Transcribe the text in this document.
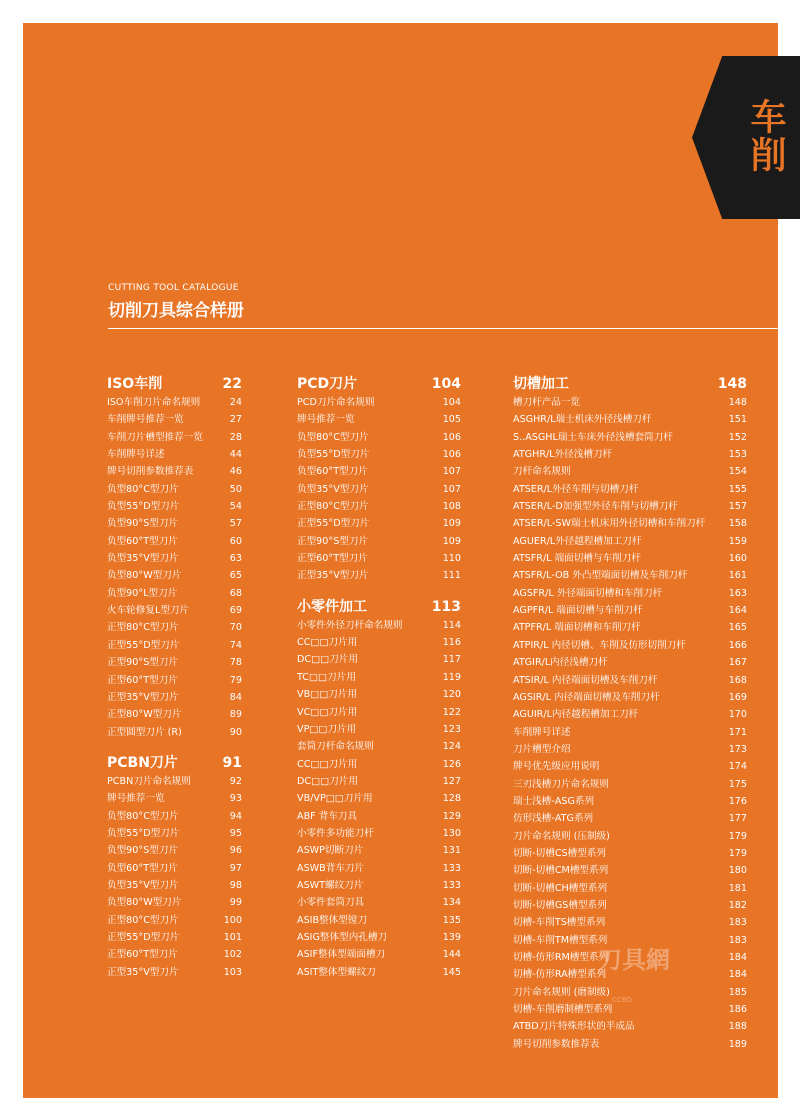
车削
CUTTING TOOL CATALOGUE
切削刀具综合样册
ISO车削	22
ISO车削刀片命名规则	24
车削牌号推荐一览	27
车削刀片槽型推荐一览	28
车削牌号详述	44
牌号切削参数推荐表	46
负型80°C型刀片	50
负型55°D型刀片	54
负型90°S型刀片	57
负型60°T型刀片	60
负型35°V型刀片	63
负型80°W型刀片	65
负型90°L型刀片	68
火车轮修复L型刀片	69
正型80°C型刀片	70
正型55°D型刀片	74
正型90°S型刀片	78
正型60°T型刀片	79
正型35°V型刀片	84
正型80°W型刀片	89
正型圆型刀片 (R)	90
PCBN刀片	91
PCBN刀片命名规则	92
牌号推荐一览	93
负型80°C型刀片	94
负型55°D型刀片	95
负型90°S型刀片	96
负型60°T型刀片	97
负型35°V型刀片	98
负型80°W型刀片	99
正型80°C型刀片	100
正型55°D型刀片	101
正型60°T型刀片	102
正型35°V型刀片	103
PCD刀片	104
PCD刀片命名规则	104
牌号推荐一览	105
负型80°C型刀片	106
负型55°D型刀片	106
负型60°T型刀片	107
负型35°V型刀片	107
正型80°C型刀片	108
正型55°D型刀片	109
正型90°S型刀片	109
正型60°T型刀片	110
正型35°V型刀片	111
小零件加工	113
小零件外径刀杆命名规则	114
CC□□刀片用	116
DC□□刀片用	117
TC□□刀片用	119
VB□□刀片用	120
VC□□刀片用	122
VP□□刀片用	123
套筒刀杆命名规则	124
CC□□刀片用	126
DC□□刀片用	127
VB/VP□□刀片用	128
ABF 背车刀具	129
小零件多功能刀杆	130
ASWP切断刀片	131
ASWB背车刀片	133
ASWT螺纹刀片	133
小零件套筒刀具	134
ASIB整体型镗刀	135
ASIG整体型内孔槽刀	139
ASIF整体型端面槽刀	144
ASIT整体型螺纹刀	145
切槽加工	148
槽刀杆产品一览	148
ASGHR/L瑞士机床外径浅槽刀杆	151
S..ASGHL瑞士车床外径浅槽套筒刀杆	152
ATGHR/L外径浅槽刀杆	153
刀杆命名规则	154
ATSER/L外径车削与切槽刀杆	155
ATSER/L-D加强型外径车削与切槽刀杆	157
ATSER/L-SW瑞士机床用外径切槽和车削刀杆	158
AGUER/L外径越程槽加工刀杆	159
ATSFR/L 端面切槽与车削刀杆	160
ATSFR/L-OB 外凸型端面切槽及车削刀杆	161
AGSFR/L 外径端面切槽和车削刀杆	163
AGPFR/L 端面切槽与车削刀杆	164
ATPFR/L 端面切槽和车削刀杆	165
ATPIR/L 内径切槽、车削及仿形切削刀杆	166
ATGIR/L内径浅槽刀杆	167
ATSIR/L 内径端面切槽及车削刀杆	168
AGSIR/L 内径端面切槽及车削刀杆	169
AGUIR/L内径越程槽加工刀杆	170
车削牌号详述	171
刀片槽型介绍	173
牌号优先级应用说明	174
三刃浅槽刀片命名规则	175
瑞士浅槽-ASG系列	176
仿形浅槽-ATG系列	177
刀片命名规则 (压制级)	179
切断-切槽CS槽型系列	179
切断-切槽CM槽型系列	180
切断-切槽CH槽型系列	181
切断-切槽GS槽型系列	182
切槽-车削TS槽型系列	183
切槽-车削TM槽型系列	183
切槽-仿形RM槽型系列	184
切槽-仿形RA槽型系列	184
刀片命名规则 (磨制级)	185
切槽-车削磨制槽型系列	186
ATBD刀片特殊形状的半成品	188
牌号切削参数推荐表	189
刀具網
CCBD
